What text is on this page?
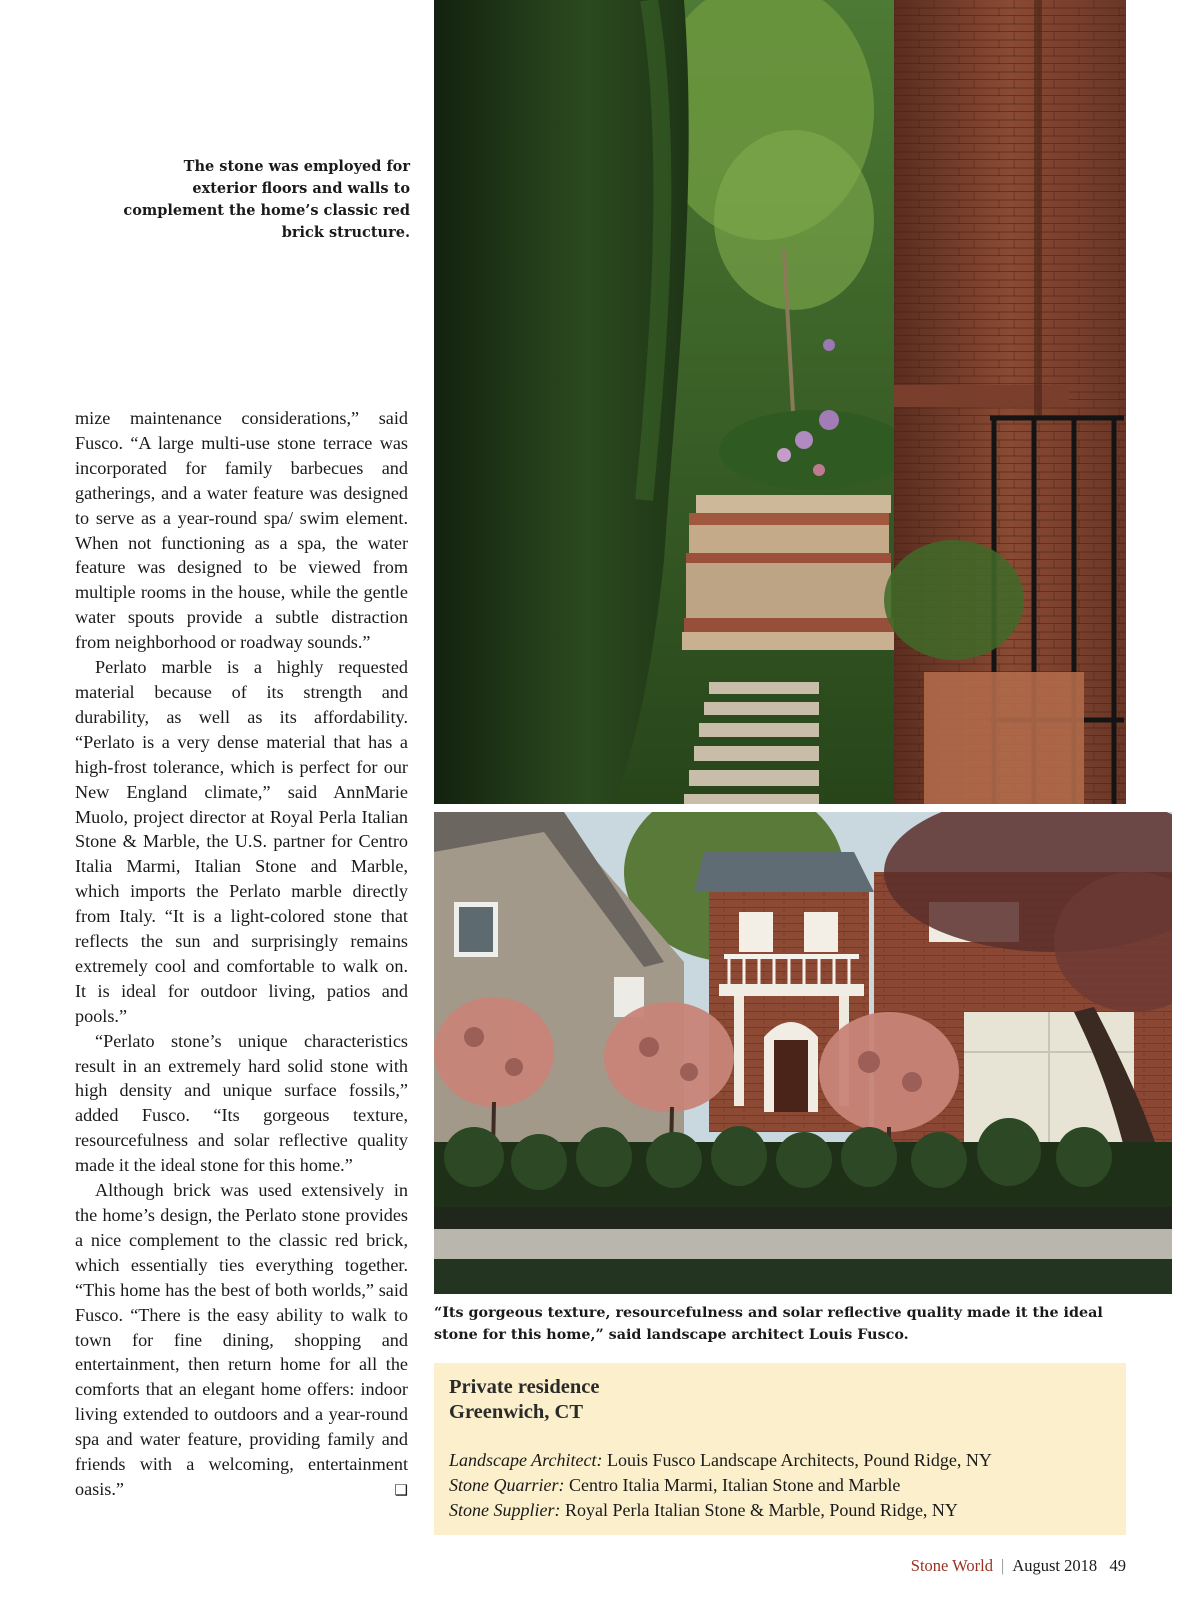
The stone was employed for exterior floors and walls to complement the home’s classic red brick structure.

mize maintenance considerations,” said Fusco. “A large multi-use stone terrace was incorporated for family barbecues and gatherings, and a water feature was designed to serve as a year-round spa/ swim element. When not functioning as a spa, the water feature was designed to be viewed from multiple rooms in the house, while the gentle water spouts provide a subtle distraction from neighborhood or roadway sounds.”

Perlato marble is a highly requested material because of its strength and durability, as well as its affordability. “Perlato is a very dense material that has a high-frost tolerance, which is perfect for our New England climate,” said AnnMarie Muolo, project director at Royal Perla Italian Stone & Marble, the U.S. partner for Centro Italia Marmi, Italian Stone and Marble, which imports the Perlato marble directly from Italy. “It is a light-colored stone that reflects the sun and surprisingly remains extremely cool and comfortable to walk on. It is ideal for outdoor living, patios and pools.”

“Perlato stone’s unique characteristics result in an extremely hard solid stone with high density and unique surface fossils,” added Fusco. “Its gorgeous texture, resourcefulness and solar reflective quality made it the ideal stone for this home.”

Although brick was used extensively in the home’s design, the Perlato stone provides a nice complement to the classic red brick, which essentially ties everything together. “This home has the best of both worlds,” said Fusco. “There is the easy ability to walk to town for fine dining, shopping and entertainment, then return home for all the comforts that an elegant home offers: indoor living extended to outdoors and a year-round spa and water feature, providing family and friends with a welcoming, entertainment oasis.”	❑

“Its gorgeous texture, resourcefulness and solar reflective quality made it the ideal stone for this home,” said landscape architect Louis Fusco.
Private residence
Greenwich, CT
Landscape Architect: Louis Fusco Landscape Architects, Pound Ridge, NY
Stone Quarrier: Centro Italia Marmi, Italian Stone and Marble
Stone Supplier: Royal Perla Italian Stone & Marble, Pound Ridge, NY
Stone World | August 2018 49
